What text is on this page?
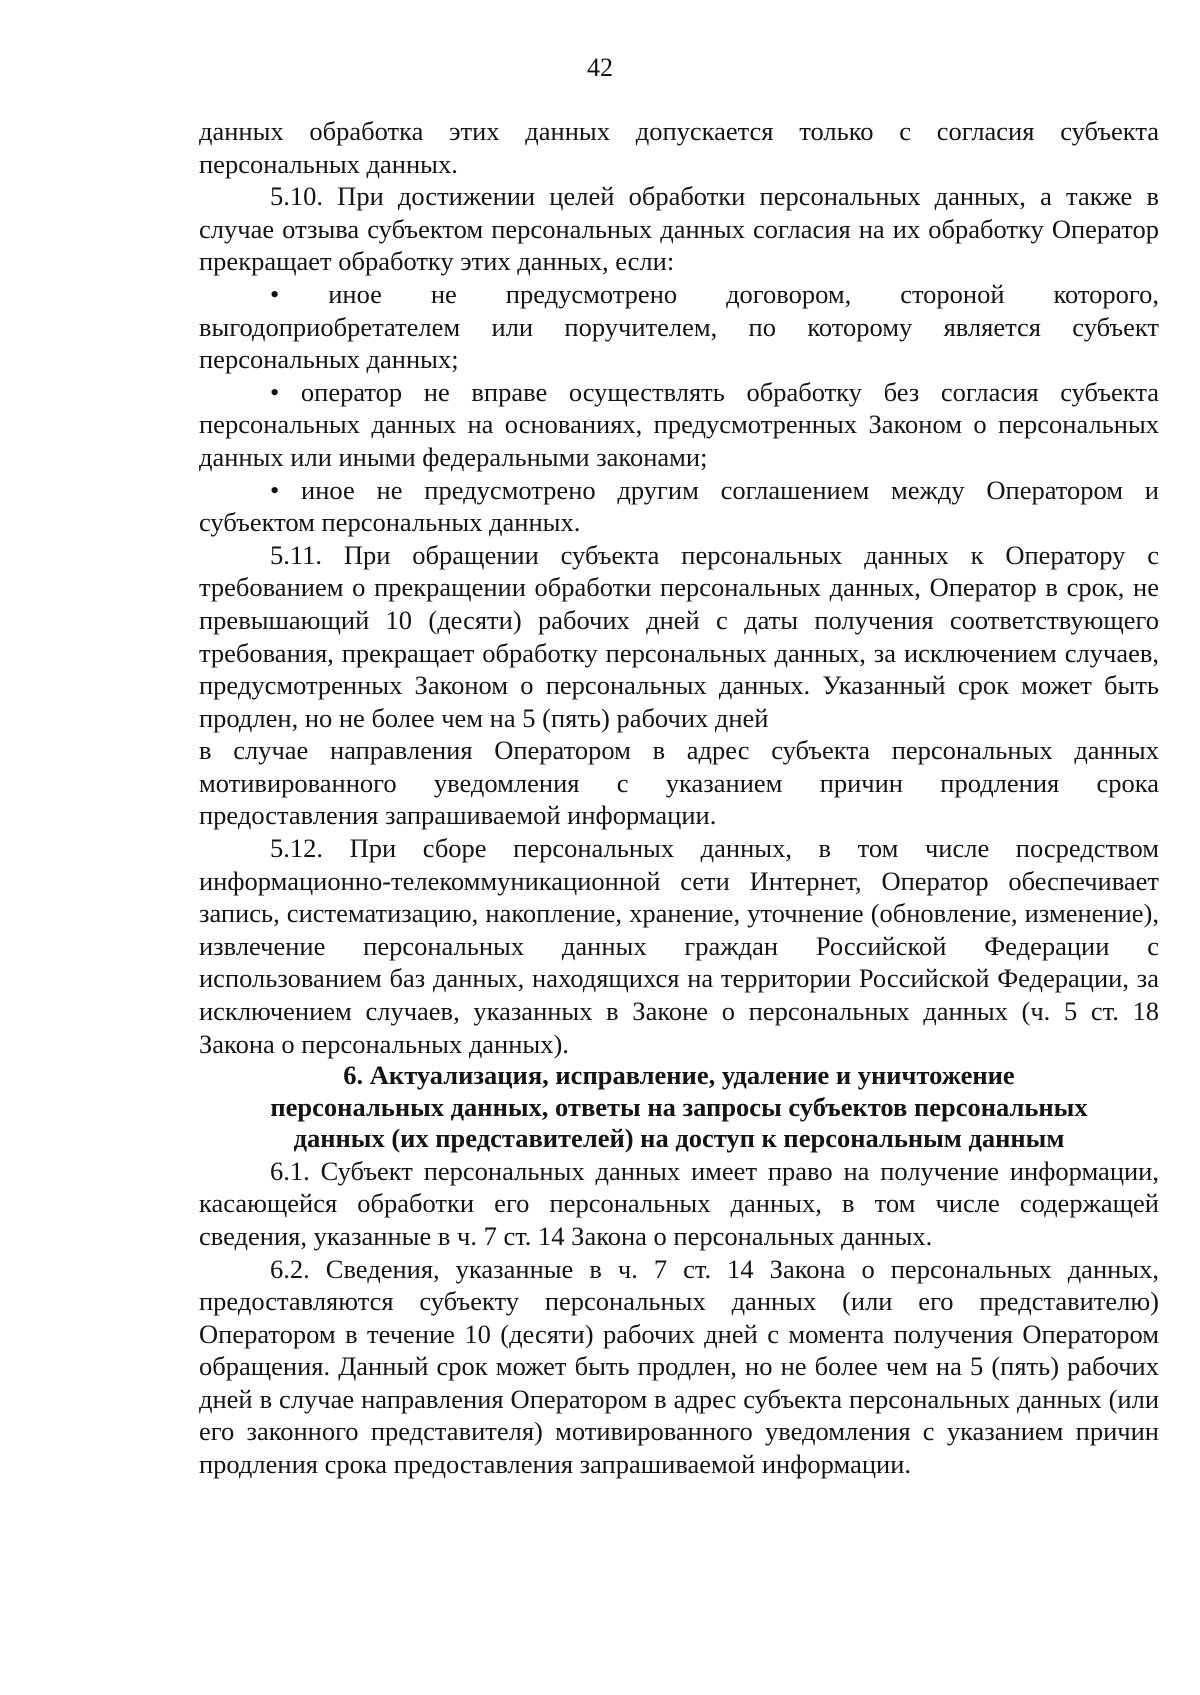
42

данных обработка этих данных допускается только с согласия субъекта персональных данных.

5.10. При достижении целей обработки персональных данных, а также в случае отзыва субъектом персональных данных согласия на их обработку Оператор прекращает обработку этих данных, если:

• иное не предусмотрено договором, стороной которого, выгодоприобретателем или поручителем, по которому является субъект персональных данных;

• оператор не вправе осуществлять обработку без согласия субъекта персональных данных на основаниях, предусмотренных Законом о персональных данных или иными федеральными законами;

• иное не предусмотрено другим соглашением между Оператором и субъектом персональных данных.

5.11. При обращении субъекта персональных данных к Оператору с требованием о прекращении обработки персональных данных, Оператор в срок, не превышающий 10 (десяти) рабочих дней с даты получения соответствующего требования, прекращает обработку персональных данных, за исключением случаев, предусмотренных Законом о персональных данных. Указанный срок может быть продлен, но не более чем на 5 (пять) рабочих дней

в случае направления Оператором в адрес субъекта персональных данных мотивированного уведомления с указанием причин продления срока предоставления запрашиваемой информации.

5.12. При сборе персональных данных, в том числе посредством информационно-телекоммуникационной сети Интернет, Оператор обеспечивает запись, систематизацию, накопление, хранение, уточнение (обновление, изменение), извлечение персональных данных граждан Российской Федерации с использованием баз данных, находящихся на территории Российской Федерации, за исключением случаев, указанных в Законе о персональных данных (ч. 5 ст. 18 Закона о персональных данных).

6. Актуализация, исправление, удаление и уничтожение персональных данных, ответы на запросы субъектов персональных данных (их представителей) на доступ к персональным данным

6.1. Субъект персональных данных имеет право на получение информации, касающейся обработки его персональных данных, в том числе содержащей сведения, указанные в ч. 7 ст. 14 Закона о персональных данных.

6.2. Сведения, указанные в ч. 7 ст. 14 Закона о персональных данных, предоставляются субъекту персональных данных (или его представителю) Оператором в течение 10 (десяти) рабочих дней с момента получения Оператором обращения. Данный срок может быть продлен, но не более чем на 5 (пять) рабочих дней в случае направления Оператором в адрес субъекта персональных данных (или его законного представителя) мотивированного уведомления с указанием причин продления срока предоставления запрашиваемой информации.
